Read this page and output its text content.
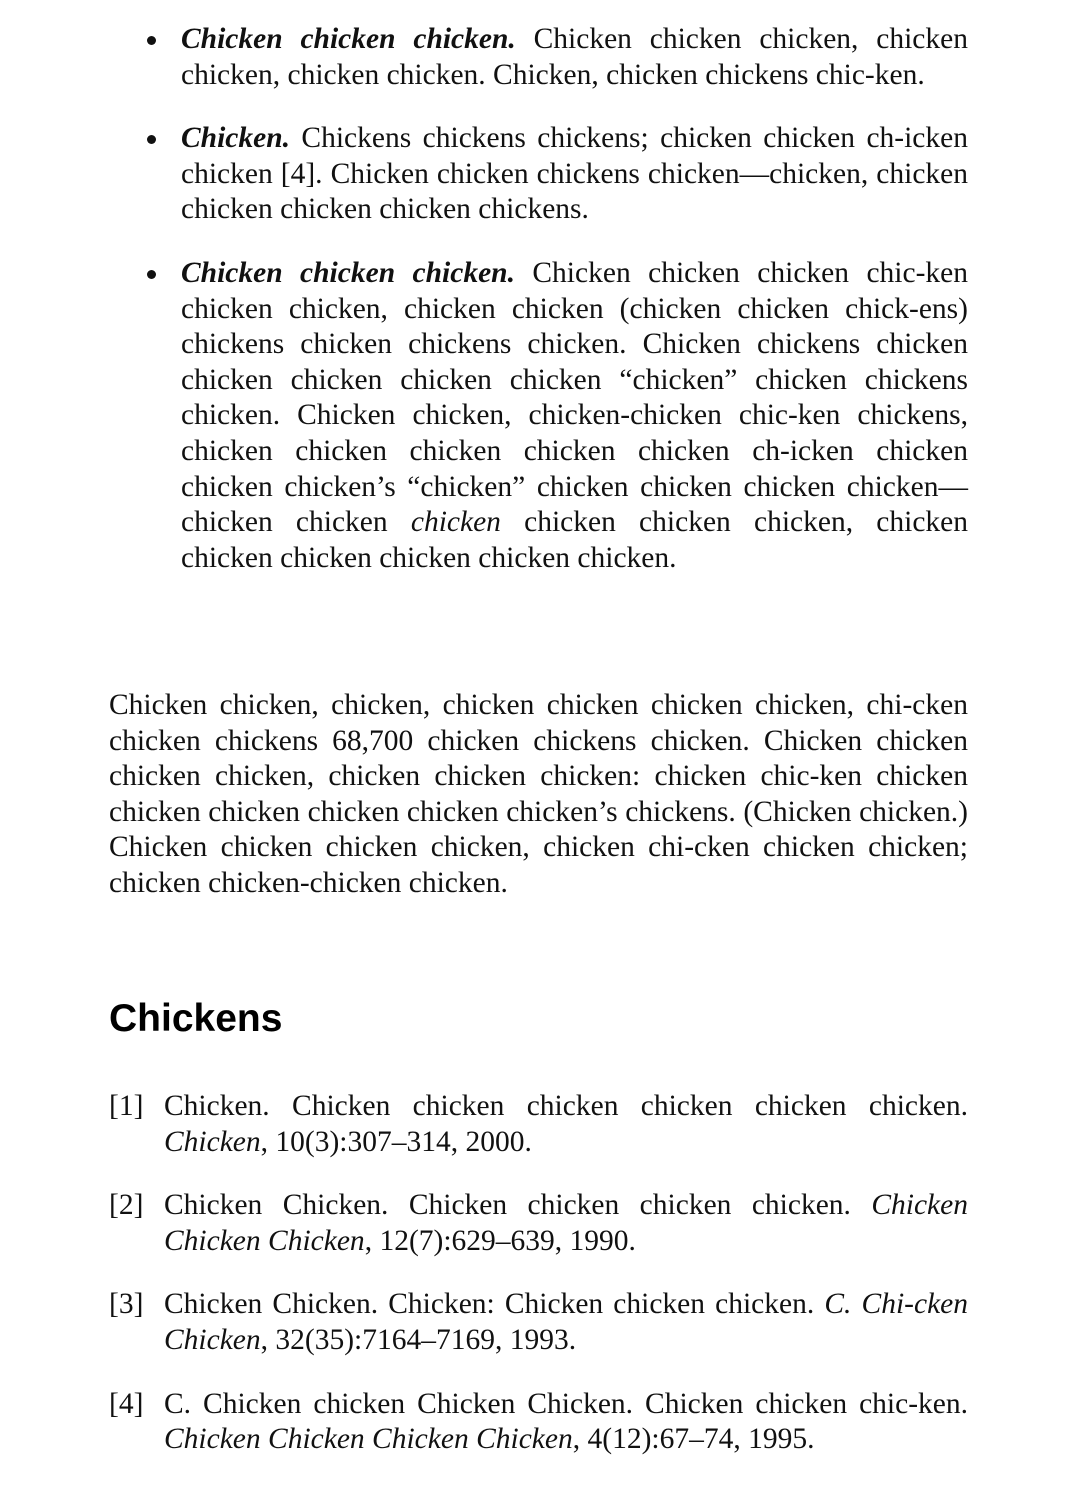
Chicken chicken chicken. Chicken chicken chicken, chicken chicken, chicken chicken. Chicken, chicken chickens chic-ken.
Chicken. Chickens chickens chickens; chicken chicken ch-icken chicken [4]. Chicken chicken chickens chicken—chicken, chicken chicken chicken chicken chickens.
Chicken chicken chicken. Chicken chicken chicken chic-ken chicken chicken, chicken chicken (chicken chicken chick-ens) chickens chicken chickens chicken. Chicken chickens chicken chicken chicken chicken chicken “chicken” chicken chickens chicken. Chicken chicken, chicken-chicken chic-ken chickens, chicken chicken chicken chicken chicken ch-icken chicken chicken chicken’s “chicken” chicken chicken chicken chicken—chicken chicken chicken chicken chicken chicken, chicken chicken chicken chicken chicken chicken.

Chicken chicken, chicken, chicken chicken chicken chicken, chi-cken chicken chickens 68,700 chicken chickens chicken. Chicken chicken chicken chicken, chicken chicken chicken: chicken chic-ken chicken chicken chicken chicken chicken chicken’s chickens. (Chicken chicken.) Chicken chicken chicken chicken, chicken chi-cken chicken chicken; chicken chicken-chicken chicken.

Chickens
[1] Chicken. Chicken chicken chicken chicken chicken chicken. Chicken, 10(3):307–314, 2000.
[2] Chicken Chicken. Chicken chicken chicken chicken. Chicken Chicken Chicken, 12(7):629–639, 1990.
[3] Chicken Chicken. Chicken: Chicken chicken chicken. C. Chi-cken Chicken, 32(35):7164–7169, 1993.
[4] C. Chicken chicken Chicken Chicken. Chicken chicken chic-ken. Chicken Chicken Chicken Chicken, 4(12):67–74, 1995.
